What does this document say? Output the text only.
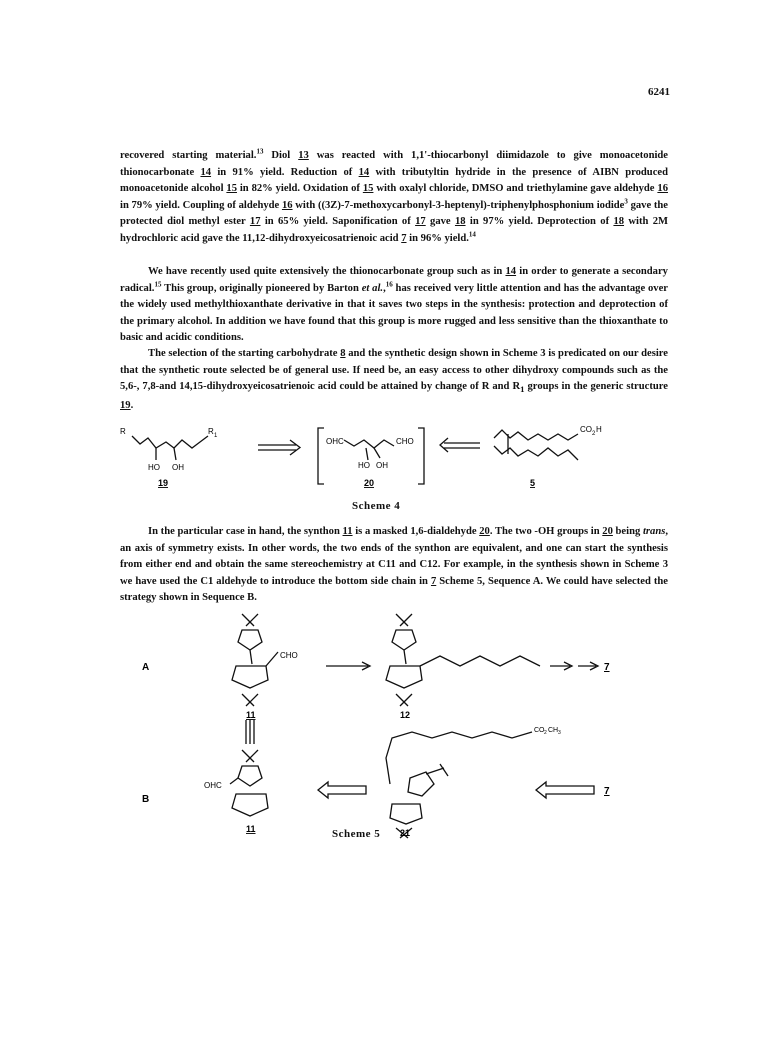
6241

recovered starting material.$^{13}$ Diol 13 was reacted with 1,1'-thiocarbonyl diimidazole to give monoacetonide thionocarbonate 14 in 91% yield. Reduction of 14 with tributyltin hydride in the presence of AIBN produced monoacetonide alcohol 15 in 82% yield. Oxidation of 15 with oxalyl chloride, DMSO and triethylamine gave aldehyde 16 in 79% yield. Coupling of aldehyde 16 with ((3Z)-7-methoxycarbonyl-3-heptenyl)-triphenylphosphonium iodide$^3$ gave the protected diol methyl ester 17 in 65% yield. Saponification of 17 gave 18 in 97% yield. Deprotection of 18 with 2M hydrochloric acid gave the 11,12-dihydroxyeicosatrienoic acid 7 in 96% yield.$^{14}$

We have recently used quite extensively the thionocarbonate group such as in 14 in order to generate a secondary radical.$^{15}$ This group, originally pioneered by Barton et al.,$^{16}$ has received very little attention and has the advantage over the widely used methylthioxanthate derivative in that it saves two steps in the synthesis: protection and deprotection of the primary alcohol. In addition we have found that this group is more rugged and less sensitive than the thioxanthate to basic and acidic conditions.

The selection of the starting carbohydrate 8 and the synthetic design shown in Scheme 3 is predicated on our desire that the synthetic route selected be of general use. If need be, an easy access to other dihydroxy compounds such as the 5,6-, 7,8-and 14,15-dihydroxyeicosatrienoic acid could be attained by change of R and $R_1$ groups in the generic structure 19.

R	R 1
HO OH
19
OHC	CHO
HO OH
20
CO 2 H
5
Scheme 4

In the particular case in hand, the synthon 11 is a masked 1,6-dialdehyde 20. The two -OH groups in 20 being trans, an axis of symmetry exists. In other words, the two ends of the synthon are equivalent, and one can start the synthesis from either end and obtain the same stereochemistry at C11 and C12. For example, in the synthesis shown in Scheme 3 we have used the C1 aldehyde to introduce the bottom side chain in 7 Scheme 5, Sequence A. We could have selected the strategy shown in Sequence B.

A
B
CHO
11	12
7
OHC
11
CO 2 CH 3
21
7
Scheme 5
